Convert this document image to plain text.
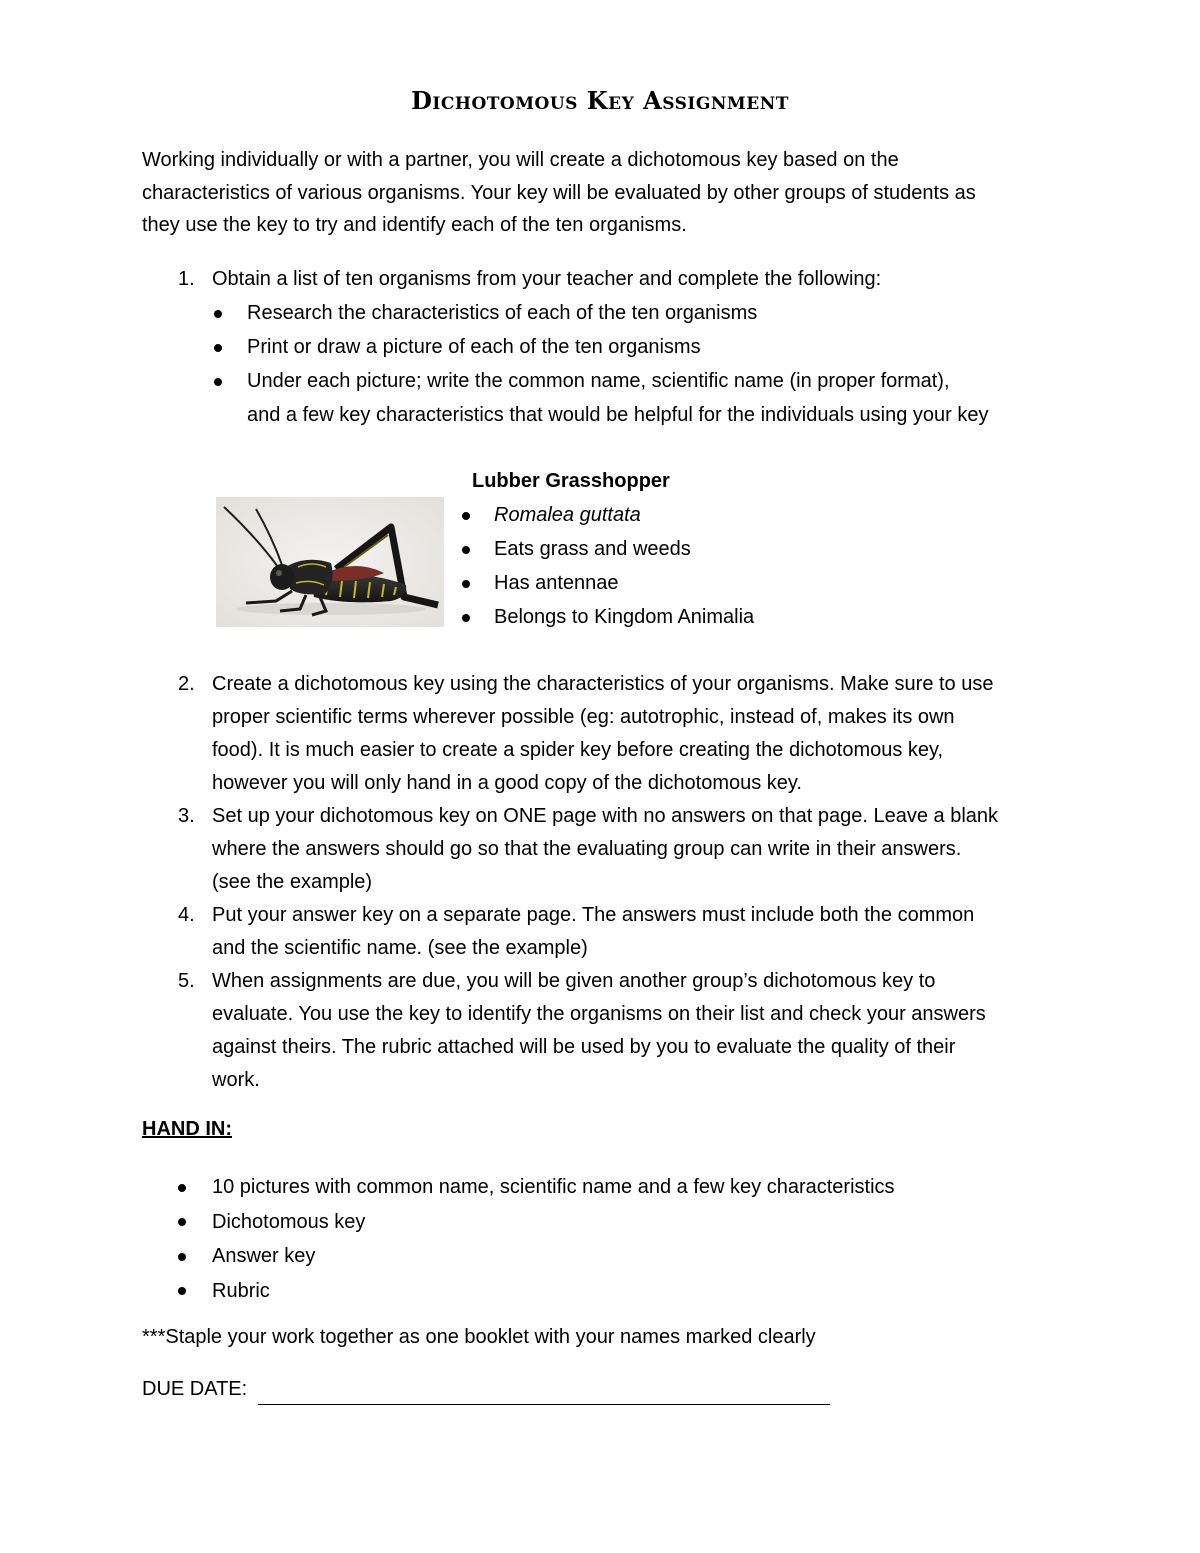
Dichotomous Key Assignment
Working individually or with a partner, you will create a dichotomous key based on the
characteristics of various organisms. Your key will be evaluated by other groups of students as
they use the key to try and identify each of the ten organisms.
1. Obtain a list of ten organisms from your teacher and complete the following:
Research the characteristics of each of the ten organisms
Print or draw a picture of each of the ten organisms
Under each picture; write the common name, scientific name (in proper format),
and a few key characteristics that would be helpful for the individuals using your key
Lubber Grasshopper
Romalea guttata
Eats grass and weeds
Has antennae
Belongs to Kingdom Animalia
2. Create a dichotomous key using the characteristics of your organisms. Make sure to use
proper scientific terms wherever possible (eg: autotrophic, instead of, makes its own
food). It is much easier to create a spider key before creating the dichotomous key,
however you will only hand in a good copy of the dichotomous key.
3. Set up your dichotomous key on ONE page with no answers on that page. Leave a blank
where the answers should go so that the evaluating group can write in their answers.
(see the example)
4. Put your answer key on a separate page. The answers must include both the common
and the scientific name. (see the example)
5. When assignments are due, you will be given another group’s dichotomous key to
evaluate. You use the key to identify the organisms on their list and check your answers
against theirs. The rubric attached will be used by you to evaluate the quality of their
work.
HAND IN:
10 pictures with common name, scientific name and a few key characteristics
Dichotomous key
Answer key
Rubric
***Staple your work together as one booklet with your names marked clearly
DUE DATE:
